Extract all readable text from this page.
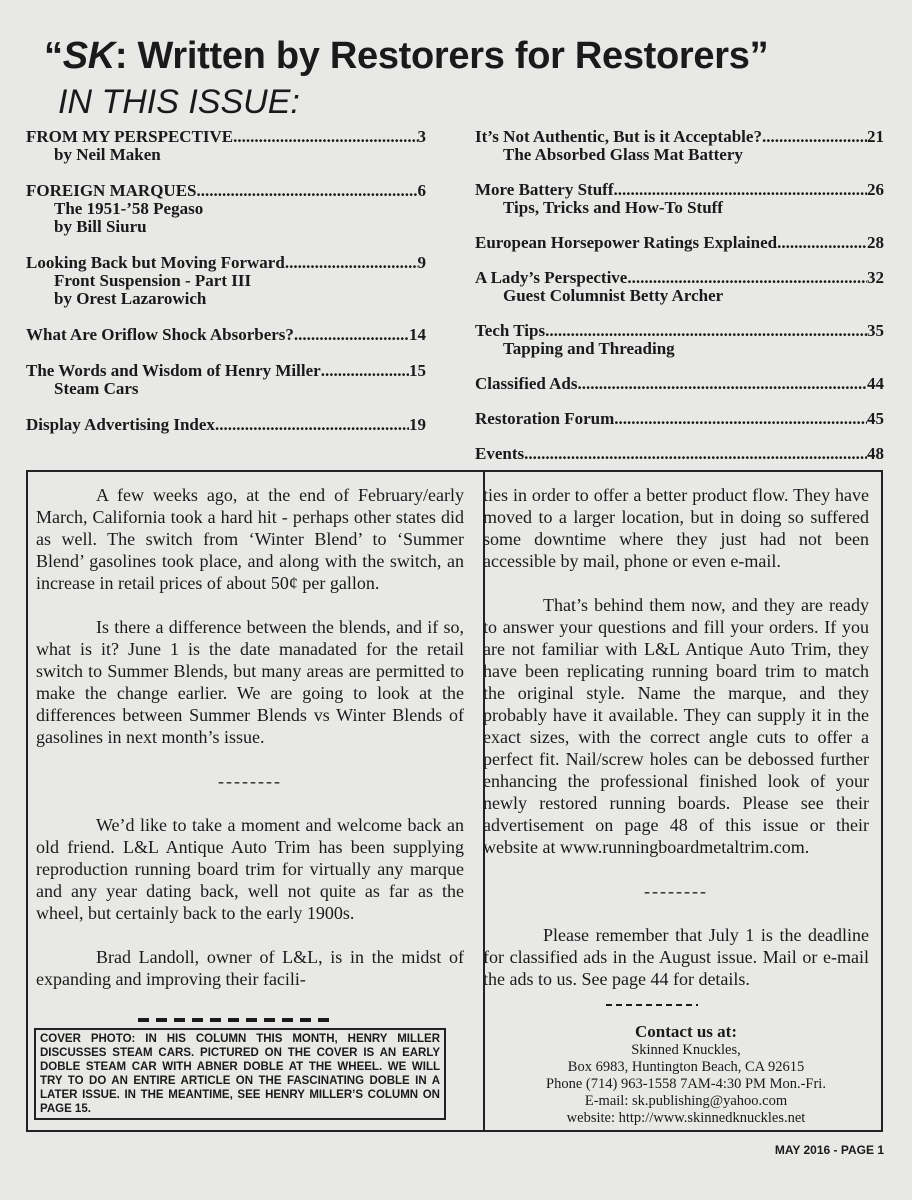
“SK: Written by Restorers for Restorers”
IN THIS ISSUE:
FROM MY PERSPECTIVE .....	3
by Neil Maken
FOREIGN MARQUES .....	6
The 1951-’58 Pegaso
by Bill Siuru
Looking Back but Moving Forward .....	9
Front Suspension - Part III
by Orest Lazarowich
What Are Oriflow Shock Absorbers? .....	14
The Words and Wisdom of Henry Miller .....	15
Steam Cars
Display Advertising Index .....	19
It’s Not Authentic, But is it Acceptable? .....	21
The Absorbed Glass Mat Battery
More Battery Stuff .....	26
Tips, Tricks and How-To Stuff
European Horsepower Ratings Explained .....	28
A Lady’s Perspective .....	32
Guest Columnist Betty Archer
Tech Tips .....	35
Tapping and Threading
Classified Ads .....	44
Restoration Forum .....	45
Events .....	48

A few weeks ago, at the end of February/early March, California took a hard hit - perhaps other states did as well. The switch from ‘Winter Blend’ to ‘Summer Blend’ gasolines took place, and along with the switch, an increase in retail prices of about 50¢ per gallon.

Is there a difference between the blends, and if so, what is it? June 1 is the date manadated for the retail switch to Summer Blends, but many areas are permitted to make the change earlier. We are going to look at the differences between Summer Blends vs Winter Blends of gasolines in next month’s issue.

--------

We’d like to take a moment and welcome back an old friend. L&L Antique Auto Trim has been supplying reproduction running board trim for virtually any marque and any year dating back, well not quite as far as the wheel, but certainly back to the early 1900s.

Brad Landoll, owner of L&L, is in the midst of expanding and improving their facili-

COVER PHOTO: IN HIS COLUMN THIS MONTH, HENRY MILLER DISCUSSES STEAM CARS. PICTURED ON THE COVER IS AN EARLY DOBLE STEAM CAR WITH ABNER DOBLE AT THE WHEEL. WE WILL TRY TO DO AN ENTIRE ARTICLE ON THE FASCINATING DOBLE IN A LATER ISSUE. IN THE MEANTIME, SEE HENRY MILLER’S COLUMN ON PAGE 15.

ties in order to offer a better product flow. They have moved to a larger location, but in doing so suffered some downtime where they just had not been accessible by mail, phone or even e-mail.

That’s behind them now, and they are ready to answer your questions and fill your orders. If you are not familiar with L&L Antique Auto Trim, they have been replicating running board trim to match the original style. Name the marque, and they probably have it available. They can supply it in the exact sizes, with the correct angle cuts to offer a perfect fit. Nail/screw holes can be debossed further enhancing the professional finished look of your newly restored running boards. Please see their advertisement on page 48 of this issue or their website at www.runningboardmetaltrim.com.

--------

Please remember that July 1 is the deadline for classified ads in the August issue. Mail or e-mail the ads to us. See page 44 for details.

Contact us at:
Skinned Knuckles,
Box 6983, Huntington Beach, CA 92615
Phone (714) 963-1558 7AM-4:30 PM Mon.-Fri.
E-mail: sk.publishing@yahoo.com
website: http://www.skinnedknuckles.net
MAY 2016 - PAGE 1
